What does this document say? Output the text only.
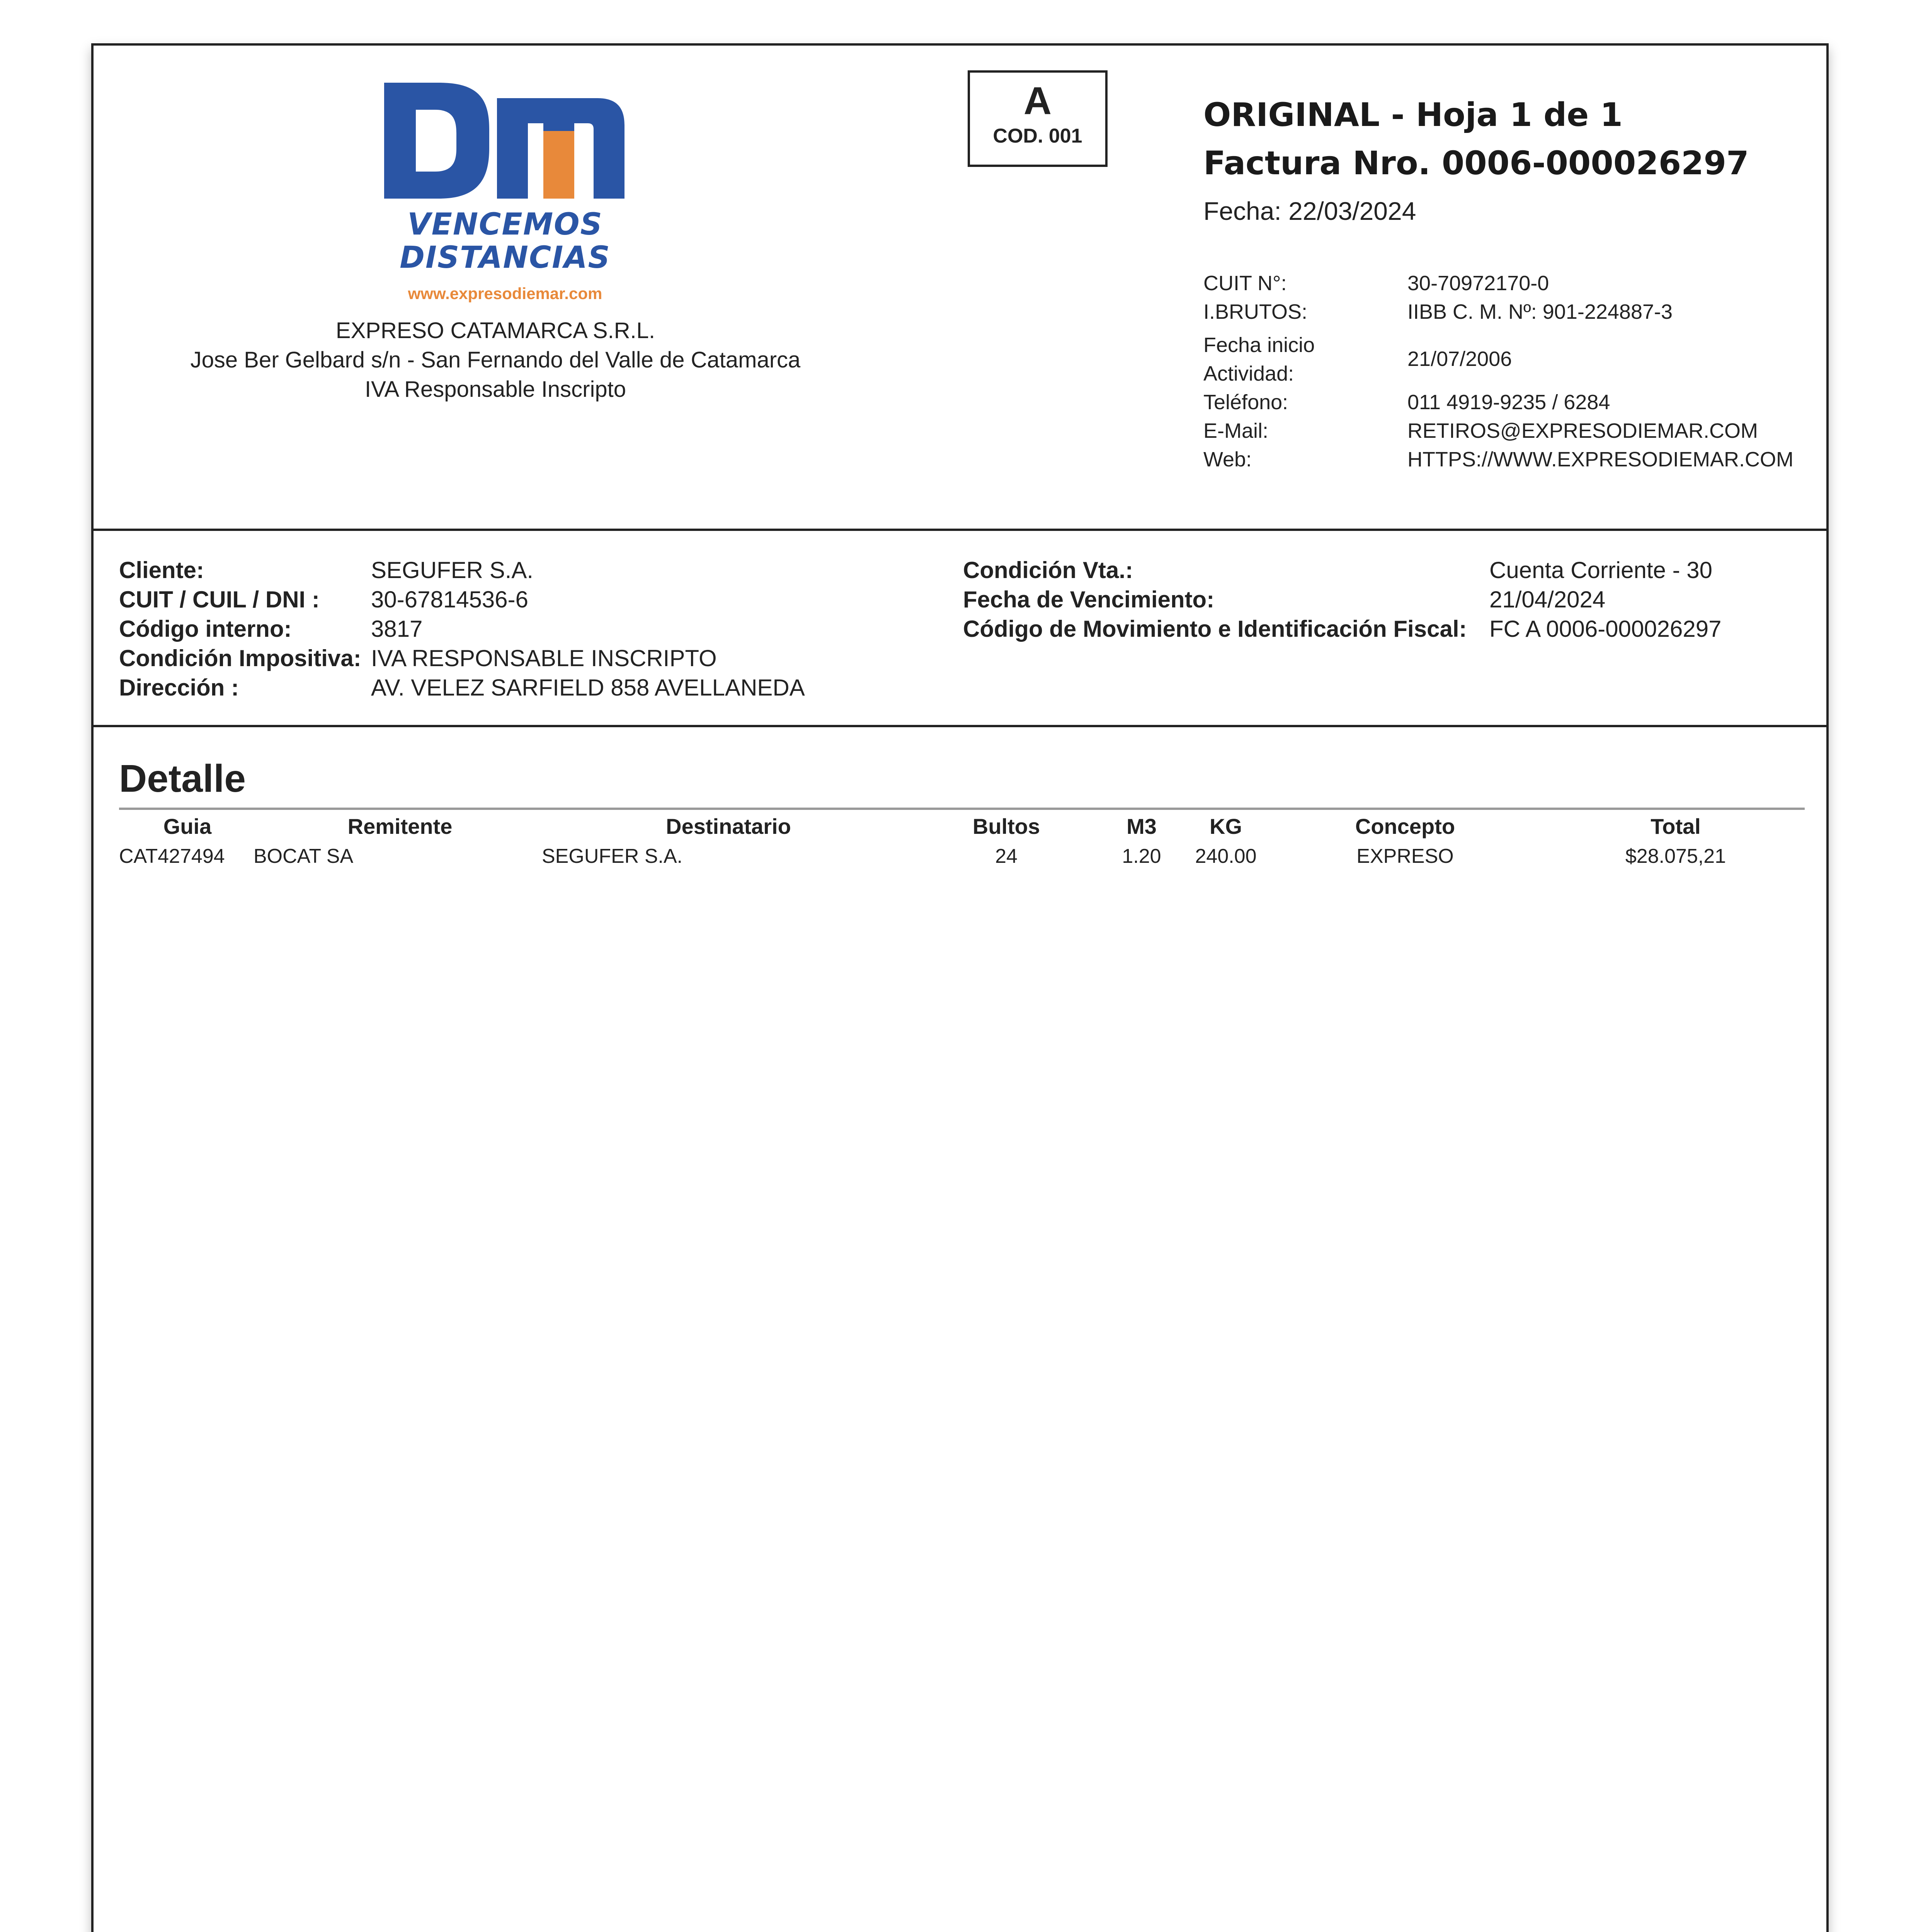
VENCEMOS
DISTANCIAS
www.expresodiemar.com
EXPRESO CATAMARCA S.R.L.
Jose Ber Gelbard s/n - San Fernando del Valle de Catamarca
IVA Responsable Inscripto
A
COD. 001
ORIGINAL - Hoja 1 de 1
Factura Nro. 0006-000026297
Fecha: 22/03/2024
CUIT N°:	30-70972170-0
I.BRUTOS:	IIBB C. M. Nº: 901-224887-3
Fecha inicio
Actividad:
21/07/2006
Teléfono:	011 4919-9235 / 6284
E-Mail:	RETIROS@EXPRESODIEMAR.COM
Web:	HTTPS://WWW.EXPRESODIEMAR.COM
Cliente:	SEGUFER S.A.
CUIT / CUIL / DNI : 30-67814536-6
Código interno:	3817
Condición Impositiva: IVA RESPONSABLE INSCRIPTO
Dirección :	AV. VELEZ SARFIELD 858 AVELLANEDA
Condición Vta.:	Cuenta Corriente - 30
Fecha de Vencimiento:	21/04/2024
Código de Movimiento e Identificación Fiscal: FC A 0006-000026297
Detalle
Guia	Remitente	Destinatario	Bultos	M3 KG	Concepto	Total
CAT427494 BOCAT SA	SEGUFER S.A.	24	1.20 240.00	EXPRESO	$28.075,21
